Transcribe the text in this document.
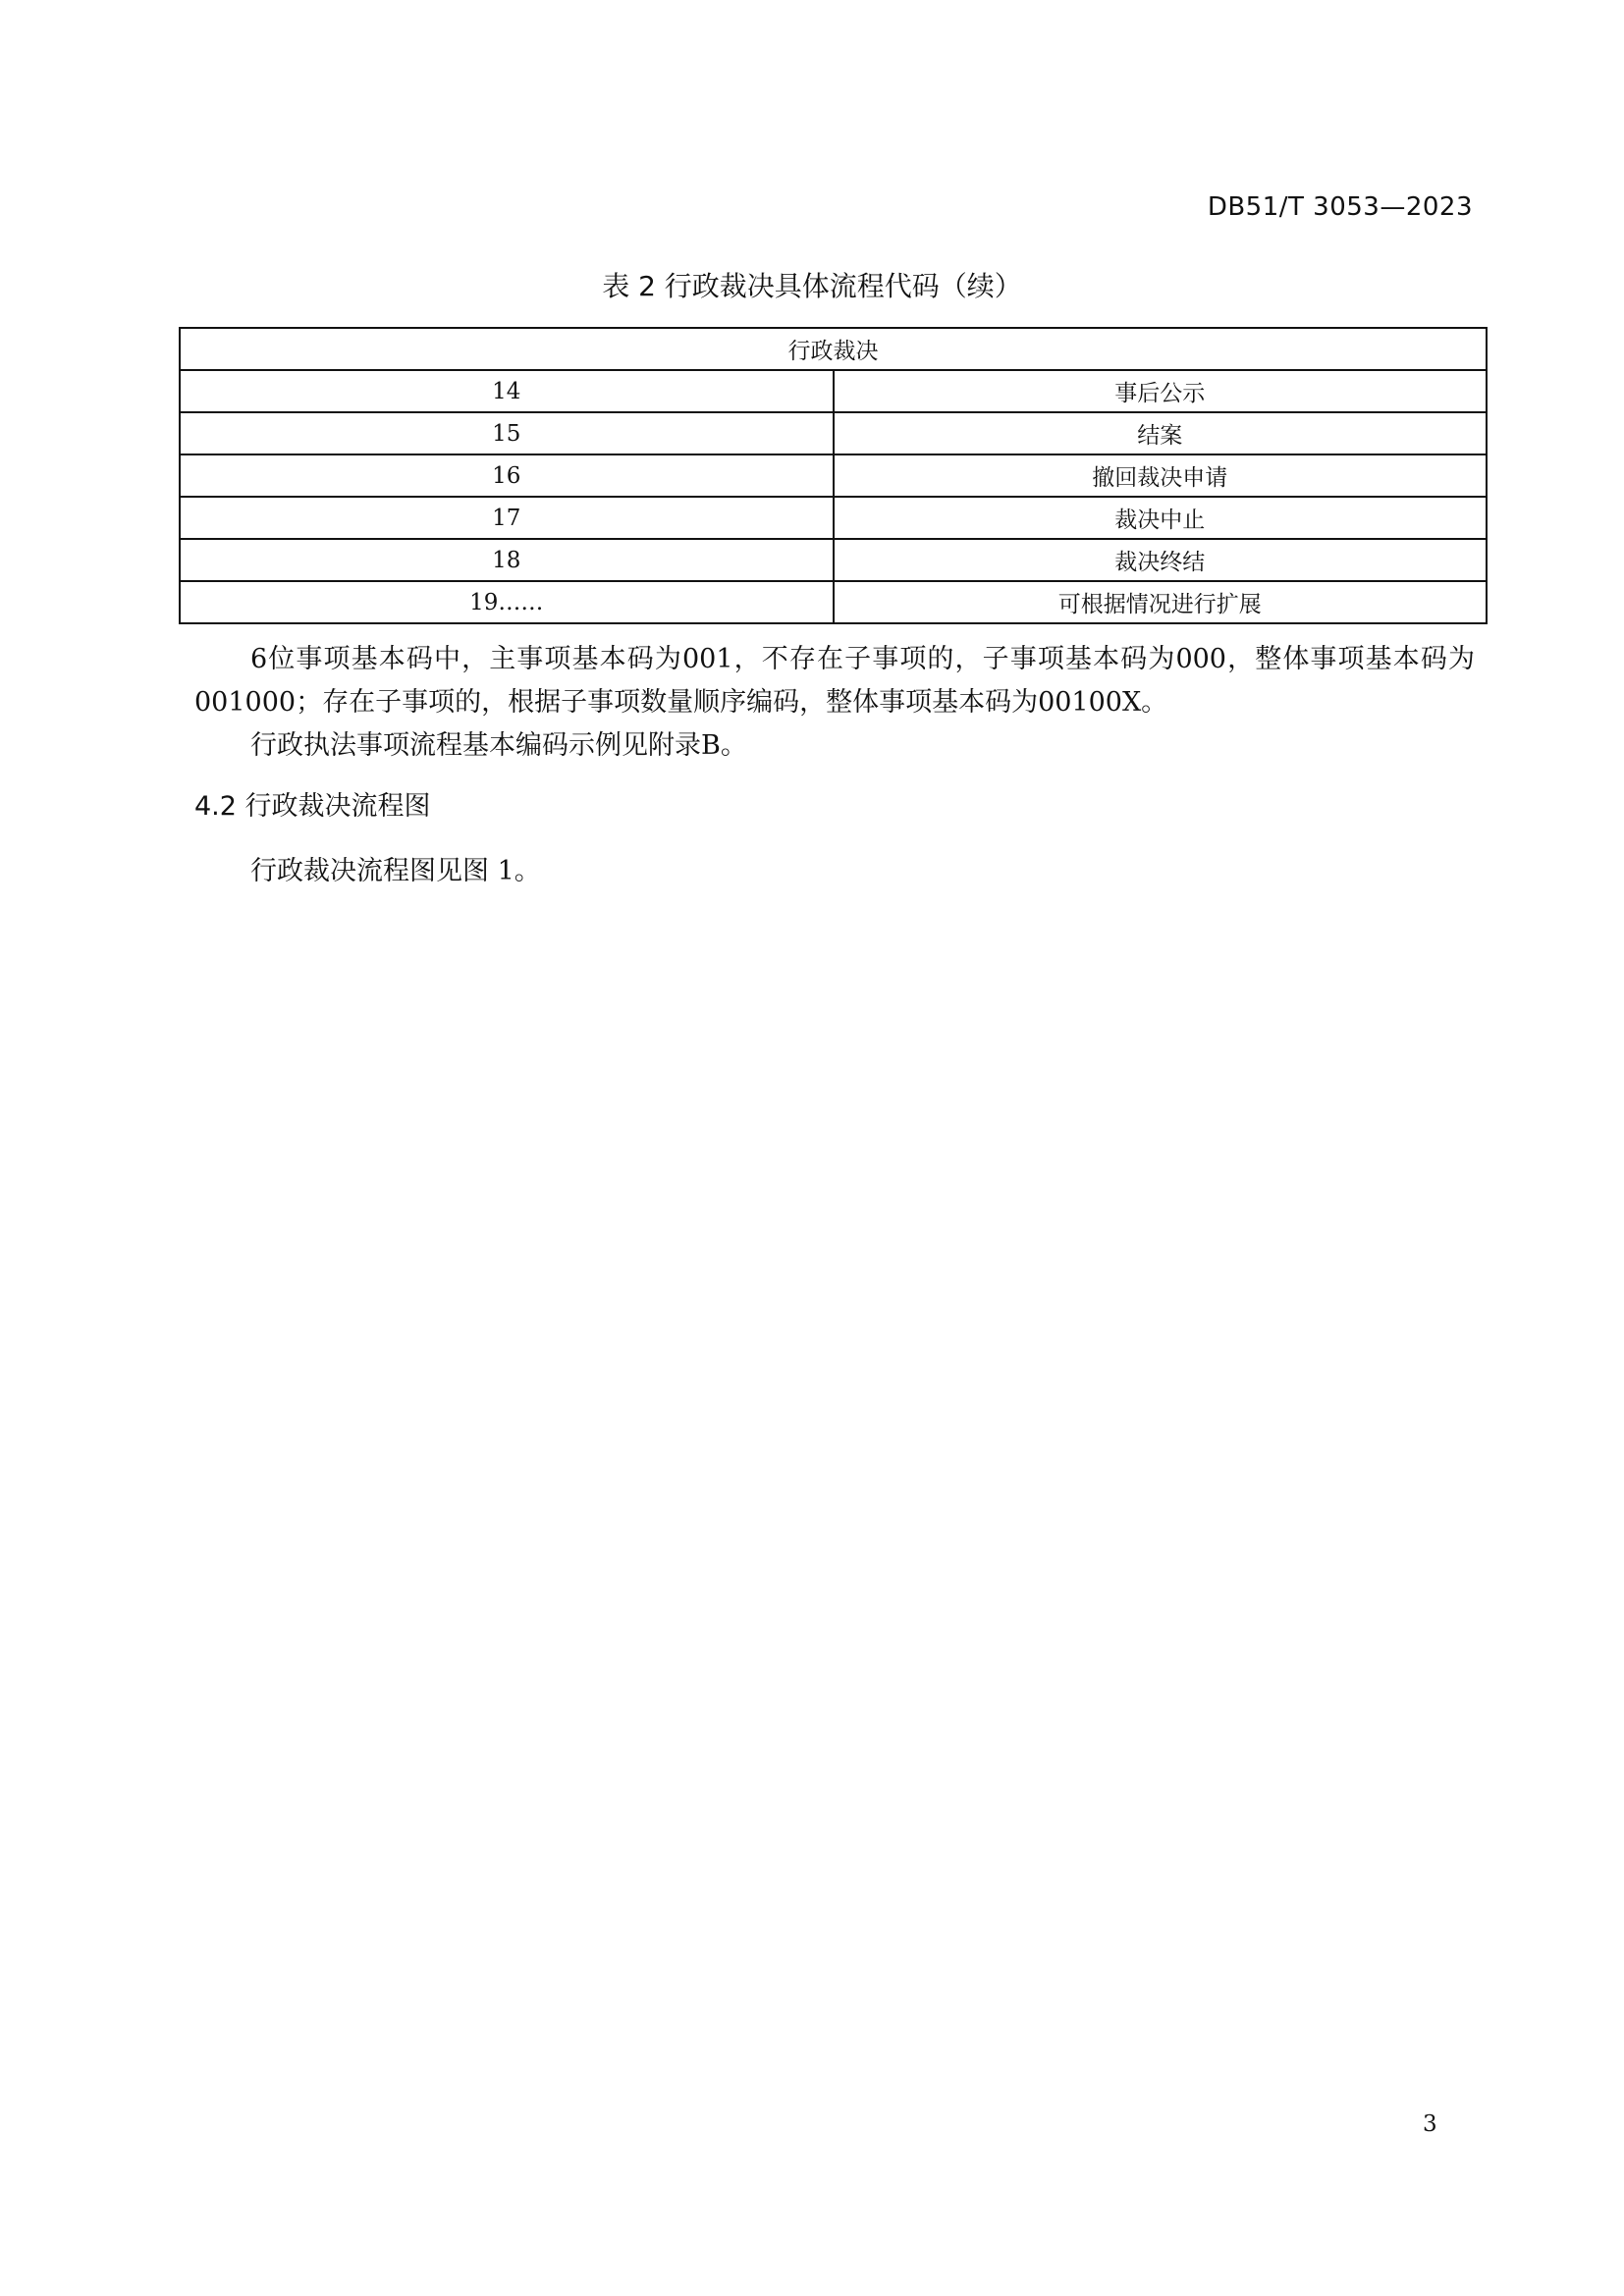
DB51/T 3053—2023
表 2 行政裁决具体流程代码（续）
行政裁决	
14	事后公示
15	结案
16	撤回裁决申请
17	裁决中止
18	裁决终结
19……	可根据情况进行扩展

6位事项基本码中，主事项基本码为001，不存在子事项的，子事项基本码为000，整体事项基本码为001000；存在子事项的，根据子事项数量顺序编码，整体事项基本码为00100X。

行政执法事项流程基本编码示例见附录B。

4.2 行政裁决流程图

行政裁决流程图见图 1。

3
